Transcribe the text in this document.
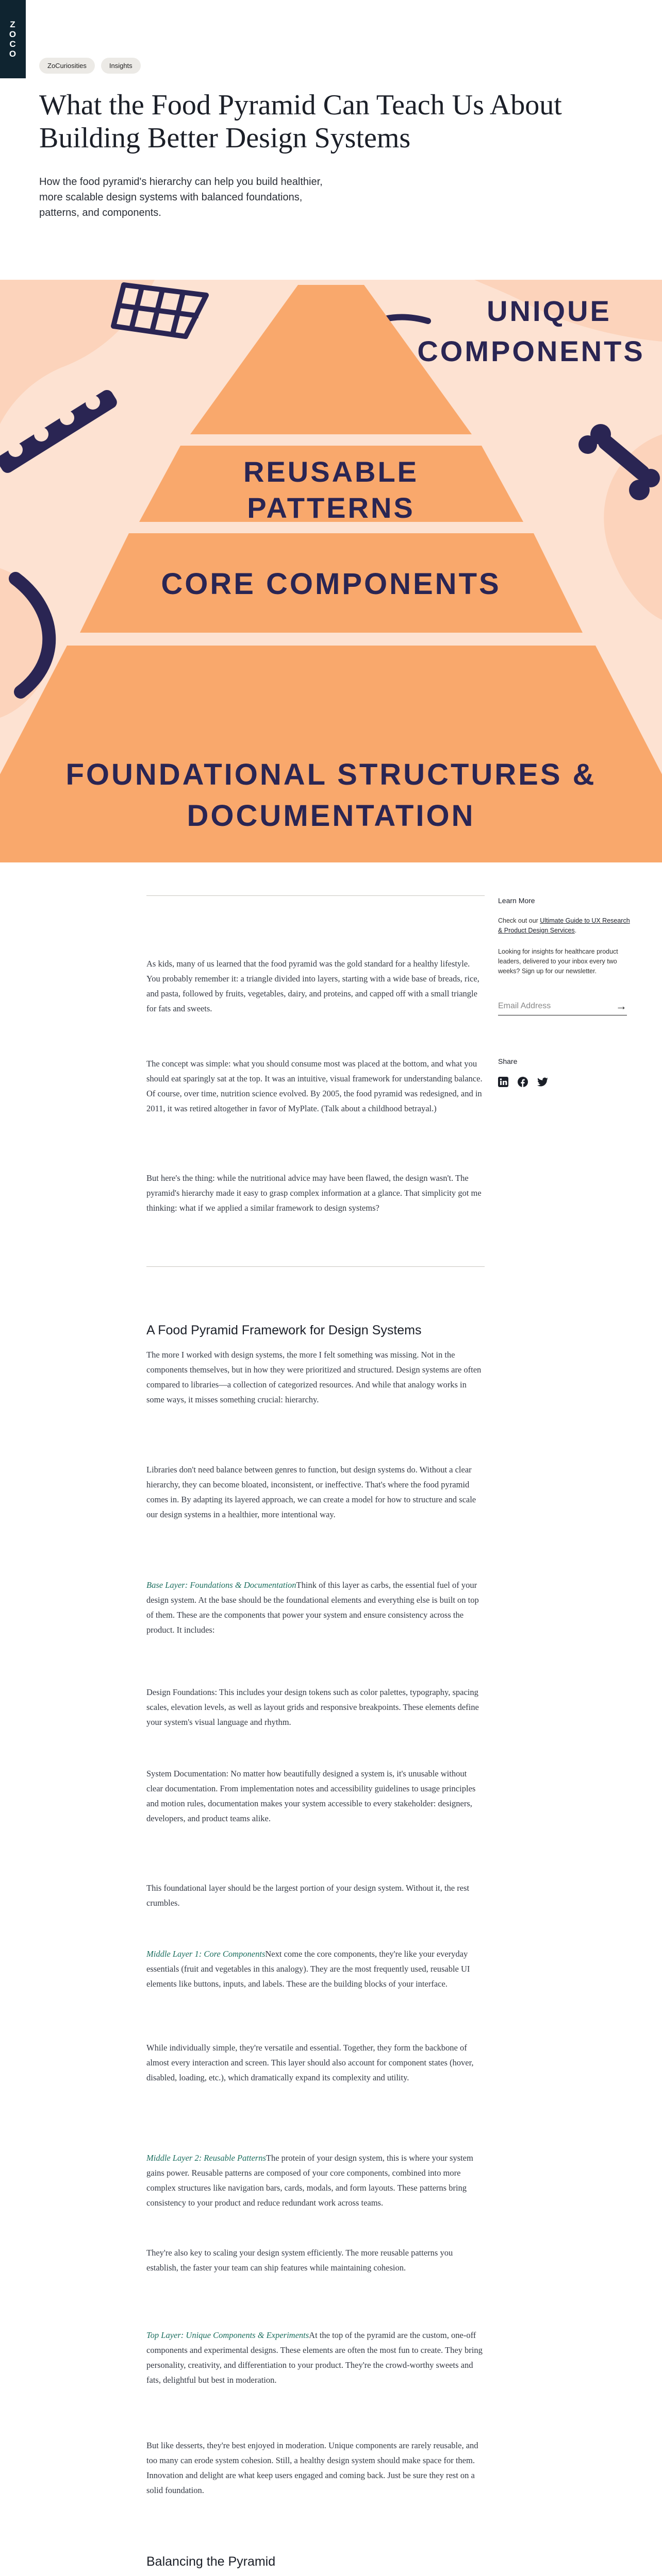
Z
O
C
O
ZoCuriosities	Insights
What the Food Pyramid Can Teach Us About Building Better Design Systems

How the food pyramid's hierarchy can help you build healthier, more scalable design systems with balanced foundations, patterns, and components.

UNIQUE
COMPONENTS
REUSABLE
PATTERNS
CORE COMPONENTS
FOUNDATIONAL STRUCTURES &
DOCUMENTATION

As kids, many of us learned that the food pyramid was the gold standard for a healthy lifestyle. You probably remember it: a triangle divided into layers, starting with a wide base of breads, rice, and pasta, followed by fruits, vegetables, dairy, and proteins, and capped off with a small triangle for fats and sweets.

The concept was simple: what you should consume most was placed at the bottom, and what you should eat sparingly sat at the top. It was an intuitive, visual framework for understanding balance. Of course, over time, nutrition science evolved. By 2005, the food pyramid was redesigned, and in 2011, it was retired altogether in favor of MyPlate. (Talk about a childhood betrayal.)

But here's the thing: while the nutritional advice may have been flawed, the design wasn't. The pyramid's hierarchy made it easy to grasp complex information at a glance. That simplicity got me thinking: what if we applied a similar framework to design systems?

Learn More

Check out our Ultimate Guide to UX Research & Product Design Services.

Looking for insights for healthcare product leaders, delivered to your inbox every two weeks? Sign up for our newsletter.

Email Address
→

Share

A Food Pyramid Framework for Design Systems

The more I worked with design systems, the more I felt something was missing. Not in the components themselves, but in how they were prioritized and structured. Design systems are often compared to libraries—a collection of categorized resources. And while that analogy works in some ways, it misses something crucial: hierarchy.

Libraries don't need balance between genres to function, but design systems do. Without a clear hierarchy, they can become bloated, inconsistent, or ineffective. That's where the food pyramid comes in. By adapting its layered approach, we can create a model for how to structure and scale our design systems in a healthier, more intentional way.

Base Layer: Foundations & DocumentationThink of this layer as carbs, the essential fuel of your design system. At the base should be the foundational elements and everything else is built on top of them. These are the components that power your system and ensure consistency across the product. It includes:

Design Foundations: This includes your design tokens such as color palettes, typography, spacing scales, elevation levels, as well as layout grids and responsive breakpoints. These elements define your system's visual language and rhythm.

System Documentation: No matter how beautifully designed a system is, it's unusable without clear documentation. From implementation notes and accessibility guidelines to usage principles and motion rules, documentation makes your system accessible to every stakeholder: designers, developers, and product teams alike.

This foundational layer should be the largest portion of your design system. Without it, the rest crumbles.

Middle Layer 1: Core ComponentsNext come the core components, they're like your everyday essentials (fruit and vegetables in this analogy). They are the most frequently used, reusable UI elements like buttons, inputs, and labels. These are the building blocks of your interface.

While individually simple, they're versatile and essential. Together, they form the backbone of almost every interaction and screen. This layer should also account for component states (hover, disabled, loading, etc.), which dramatically expand its complexity and utility.

Middle Layer 2: Reusable PatternsThe protein of your design system, this is where your system gains power. Reusable patterns are composed of your core components, combined into more complex structures like navigation bars, cards, modals, and form layouts. These patterns bring consistency to your product and reduce redundant work across teams.

They're also key to scaling your design system efficiently. The more reusable patterns you establish, the faster your team can ship features while maintaining cohesion.

Top Layer: Unique Components & ExperimentsAt the top of the pyramid are the custom, one-off components and experimental designs. These elements are often the most fun to create. They bring personality, creativity, and differentiation to your product. They're the crowd-worthy sweets and fats, delightful but best in moderation.

But like desserts, they're best enjoyed in moderation. Unique components are rarely reusable, and too many can erode system cohesion. Still, a healthy design system should make space for them. Innovation and delight are what keep users engaged and coming back. Just be sure they rest on a solid foundation.

Balancing the Pyramid
